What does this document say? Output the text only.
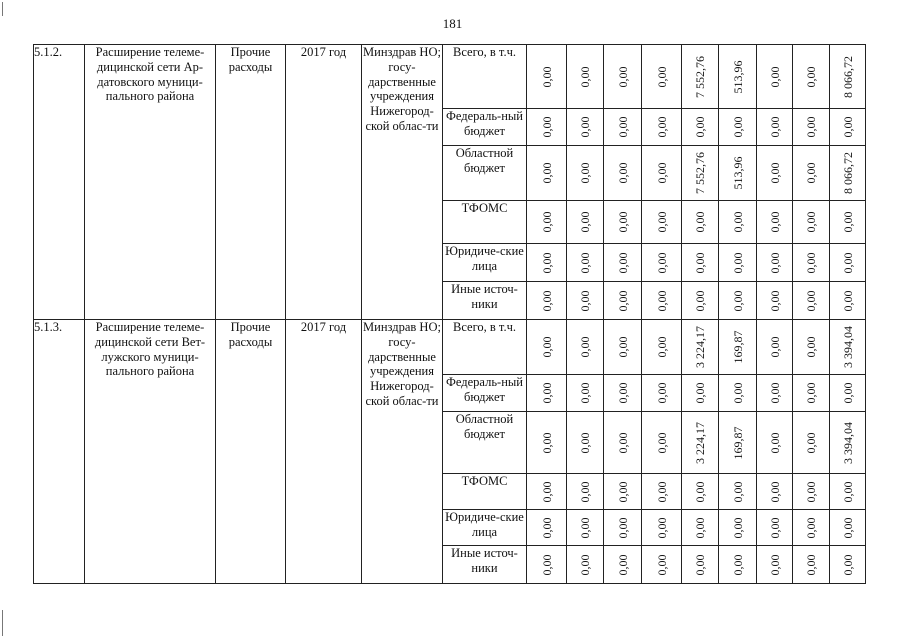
181
5.1.2.	Расширение телеме-дицинской сети Ар-датовского муници-пального района	Прочие расходы	2017 год	Минздрав НО; госу-дарственные учреждения Нижегород-ской облас-ти	Всего, в т.ч.	0,00	0,00	0,00	0,00	7 552,76	513,96	0,00	0,00	8 066,72

					Федераль-ный бюджет	0,00	0,00	0,00	0,00	0,00	0,00	0,00	0,00	0,00

					Областной бюджет	0,00	0,00	0,00	0,00	7 552,76	513,96	0,00	0,00	8 066,72

					ТФОМС	0,00	0,00	0,00	0,00	0,00	0,00	0,00	0,00	0,00

					Юридиче-ские лица	0,00	0,00	0,00	0,00	0,00	0,00	0,00	0,00	0,00

					Иные источ-ники	0,00	0,00	0,00	0,00	0,00	0,00	0,00	0,00	0,00

5.1.3.	Расширение телеме-дицинской сети Вет-лужского муници-пального района	Прочие расходы	2017 год	Минздрав НО; госу-дарственные учреждения Нижегород-ской облас-ти	Всего, в т.ч.	0,00	0,00	0,00	0,00	3 224,17	169,87	0,00	0,00	3 394,04

					Федераль-ный бюджет	0,00	0,00	0,00	0,00	0,00	0,00	0,00	0,00	0,00

					Областной бюджет	0,00	0,00	0,00	0,00	3 224,17	169,87	0,00	0,00	3 394,04

					ТФОМС	0,00	0,00	0,00	0,00	0,00	0,00	0,00	0,00	0,00

					Юридиче-ские лица	0,00	0,00	0,00	0,00	0,00	0,00	0,00	0,00	0,00

					Иные источ-ники	0,00	0,00	0,00	0,00	0,00	0,00	0,00	0,00	0,00
